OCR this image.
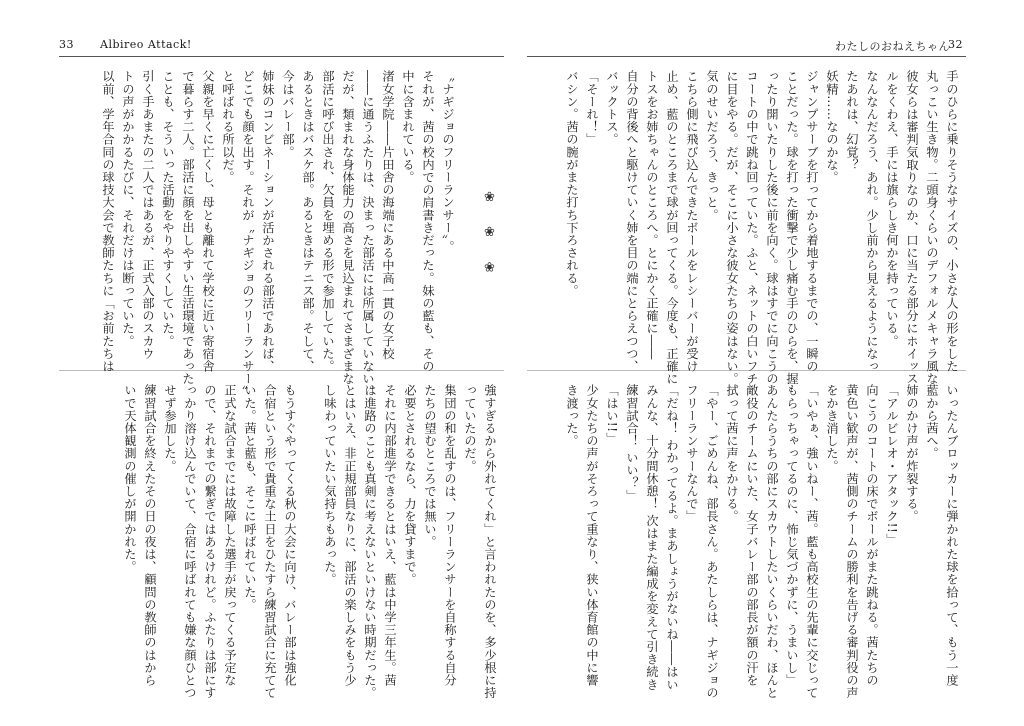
33 Albireo Attack!	わたしのおねえちゃん
32
手のひらに乗りそうなサイズの、小さな人の形をした
丸っこい生き物。二頭身くらいのデフォルメキャラ風な
彼女らは審判気取りなのか、口に当たる部分にホイッス
ルをくわえ、手には旗らしき何かを持っている。
なんなんだろう、あれ。少し前から見えるようになっ
たあれは、幻覚？
妖精……なのかな。
ジャンプサーブを打ってから着地するまでの、一瞬の
ことだった。球を打った衝撃で少し痛む手のひらを、握
ったり開いたりした後に前を向く。球はすでに向こうの
コートの中で跳ね回っていた。ふと、ネットの白いフチ
に目をやる。だが、そこに小さな彼女たちの姿はない。
気のせいだろう、きっと。
こちら側に飛び込んできたボールをレシーバーが受け
止め、藍のところまで球が回ってくる。今度も、正確に
トスをお姉ちゃんのところへ。とにかく正確に――
自分の背後へと駆けていく姉を目の端にとらえつつ、
バックトス。
「そーれ！」
バシン。茜の腕がまた打ち下ろされる。
いったんブロッカーに弾かれた球を拾って、もう一度
藍から茜へ。
姉のかけ声が炸裂する。
「アルビレオ・アタック!!」
向こうのコートの床でボールがまた跳ねる。茜たちの
黄色い歓声が、茜側のチームの勝利を告げる審判役の声
をかき消した。
「いやぁ、強いねー、茜。藍も高校生の先輩に交じって
もらっちゃってるのに、怖じ気づかずに、うまいし」
あんたらうちの部にスカウトしたいくらいだわ、ほんと
敵役のチームにいた、女子バレー部の部長が額の汗を
拭って茜に声をかける。
「やー、ごめんね、部長さん。あたしらは、ナギジョの
フリーランサーなんで」
「だね！ わかってるよ。まあしょうがないね――はい
みんな、十分間休憩！ 次はまた編成を変えて引き続き
練習試合！ いい？」
「はい!!」
少女たちの声がそろって重なり、狭い体育館の中に響
き渡った。
❀ ❀ ❀
〝ナギジョのフリーランサー〟。
それが、茜の校内での肩書きだった。妹の藍も、その
中に含まれている。
渚女学院――片田舎の海端にある中高一貫の女子校
――に通うふたりは、決まった部活には所属していない。
だが、類まれな身体能力の高さを見込まれてさまざまな
部活に呼び出され、欠員を埋める形で参加していた。
あるときはバスケ部。あるときはテニス部。そして、
今はバレー部。
姉妹のコンビネーションが活かされる部活であれば、
どこでも顔を出す。それが〝ナギジョのフリーランサー〟
と呼ばれる所以だ。
父親を早くに亡くし、母とも離れて学校に近い寄宿舎
で暮らす二人。部活に顔を出しやすい生活環境であった
ことも、そういった活動をやりやすくしていた。
引く手あまたの二人ではあるが、正式入部のスカウ
トの声がかかるたびに、それだけは断っていた。
以前、学年合同の球技大会で教師たちに「お前たちは
強すぎるから外れてくれ」と言われたのを、多少根に持
っていたのだ。
集団の和を乱すのは、フリーランサーを自称する自分
たちの望むところでは無い。
必要とされるなら、力を貸すまで。
それに内部進学できるとはいえ、藍は中学三年生。茜
は進路のことも真剣に考えないといけない時期だった。
とはいえ、非正規部員なりに、部活の楽しみをもう少
し味わっていたい気持ちもあった。
もうすぐやってくる秋の大会に向け、バレー部は強化
合宿という形で貴重な土日をひたすら練習試合に充てて
いた。茜と藍も、そこに呼ばれていた。
正式な試合までには故障した選手が戻ってくる予定な
ので、それまでの繋ぎではあるけれど。ふたりは部にす
っかり溶け込んでいて、合宿に呼ばれても嫌な顔ひとつ
せず参加した。
練習試合を終えたその日の夜は、顧問の教師のはから
いで天体観測の催しが開かれた。
